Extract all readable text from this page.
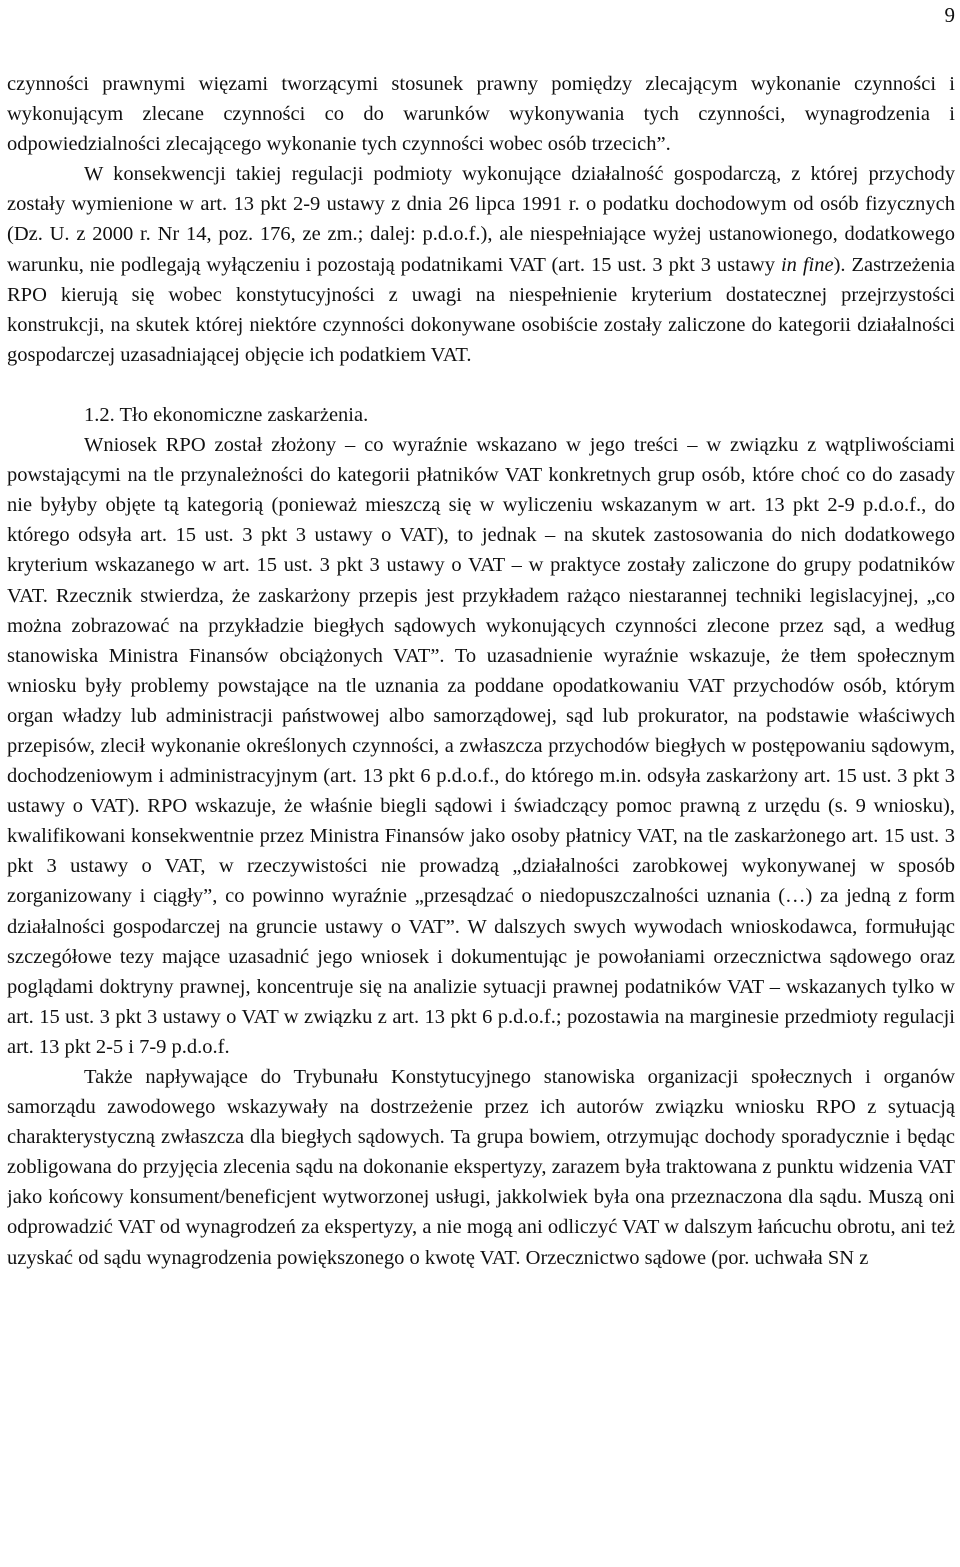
9

czynności prawnymi więzami tworzącymi stosunek prawny pomiędzy zlecającym wykonanie czynności i wykonującym zlecane czynności co do warunków wykonywania tych czynności, wynagrodzenia i odpowiedzialności zlecającego wykonanie tych czynności wobec osób trzecich”.

W konsekwencji takiej regulacji podmioty wykonujące działalność gospodarczą, z której przychody zostały wymienione w art. 13 pkt 2-9 ustawy z dnia 26 lipca 1991 r. o podatku dochodowym od osób fizycznych (Dz. U. z 2000 r. Nr 14, poz. 176, ze zm.; dalej: p.d.o.f.), ale niespełniające wyżej ustanowionego, dodatkowego warunku, nie podlegają wyłączeniu i pozostają podatnikami VAT (art. 15 ust. 3 pkt 3 ustawy in fine). Zastrzeżenia RPO kierują się wobec konstytucyjności z uwagi na niespełnienie kryterium dostatecznej przejrzystości konstrukcji, na skutek której niektóre czynności dokonywane osobiście zostały zaliczone do kategorii działalności gospodarczej uzasadniającej objęcie ich podatkiem VAT.

1.2. Tło ekonomiczne zaskarżenia.

Wniosek RPO został złożony – co wyraźnie wskazano w jego treści – w związku z wątpliwościami powstającymi na tle przynależności do kategorii płatników VAT konkretnych grup osób, które choć co do zasady nie byłyby objęte tą kategorią (ponieważ mieszczą się w wyliczeniu wskazanym w art. 13 pkt 2-9 p.d.o.f., do którego odsyła art. 15 ust. 3 pkt 3 ustawy o VAT), to jednak – na skutek zastosowania do nich dodatkowego kryterium wskazanego w art. 15 ust. 3 pkt 3 ustawy o VAT – w praktyce zostały zaliczone do grupy podatników VAT. Rzecznik stwierdza, że zaskarżony przepis jest przykładem rażąco niestarannej techniki legislacyjnej, „co można zobrazować na przykładzie biegłych sądowych wykonujących czynności zlecone przez sąd, a według stanowiska Ministra Finansów obciążonych VAT”. To uzasadnienie wyraźnie wskazuje, że tłem społecznym wniosku były problemy powstające na tle uznania za poddane opodatkowaniu VAT przychodów osób, którym organ władzy lub administracji państwowej albo samorządowej, sąd lub prokurator, na podstawie właściwych przepisów, zlecił wykonanie określonych czynności, a zwłaszcza przychodów biegłych w postępowaniu sądowym, dochodzeniowym i administracyjnym (art. 13 pkt 6 p.d.o.f., do którego m.in. odsyła zaskarżony art. 15 ust. 3 pkt 3 ustawy o VAT). RPO wskazuje, że właśnie biegli sądowi i świadczący pomoc prawną z urzędu (s. 9 wniosku), kwalifikowani konsekwentnie przez Ministra Finansów jako osoby płatnicy VAT, na tle zaskarżonego art. 15 ust. 3 pkt 3 ustawy o VAT, w rzeczywistości nie prowadzą „działalności zarobkowej wykonywanej w sposób zorganizowany i ciągły”, co powinno wyraźnie „przesądzać o niedopuszczalności uznania (…) za jedną z form działalności gospodarczej na gruncie ustawy o VAT”. W dalszych swych wywodach wnioskodawca, formułując szczegółowe tezy mające uzasadnić jego wniosek i dokumentując je powołaniami orzecznictwa sądowego oraz poglądami doktryny prawnej, koncentruje się na analizie sytuacji prawnej podatników VAT – wskazanych tylko w art. 15 ust. 3 pkt 3 ustawy o VAT w związku z art. 13 pkt 6 p.d.o.f.; pozostawia na marginesie przedmioty regulacji art. 13 pkt 2-5 i 7-9 p.d.o.f.

Także napływające do Trybunału Konstytucyjnego stanowiska organizacji społecznych i organów samorządu zawodowego wskazywały na dostrzeżenie przez ich autorów związku wniosku RPO z sytuacją charakterystyczną zwłaszcza dla biegłych sądowych. Ta grupa bowiem, otrzymując dochody sporadycznie i będąc zobligowana do przyjęcia zlecenia sądu na dokonanie ekspertyzy, zarazem była traktowana z punktu widzenia VAT jako końcowy konsument/beneficjent wytworzonej usługi, jakkolwiek była ona przeznaczona dla sądu. Muszą oni odprowadzić VAT od wynagrodzeń za ekspertyzy, a nie mogą ani odliczyć VAT w dalszym łańcuchu obrotu, ani też uzyskać od sądu wynagrodzenia powiększonego o kwotę VAT. Orzecznictwo sądowe (por. uchwała SN z
